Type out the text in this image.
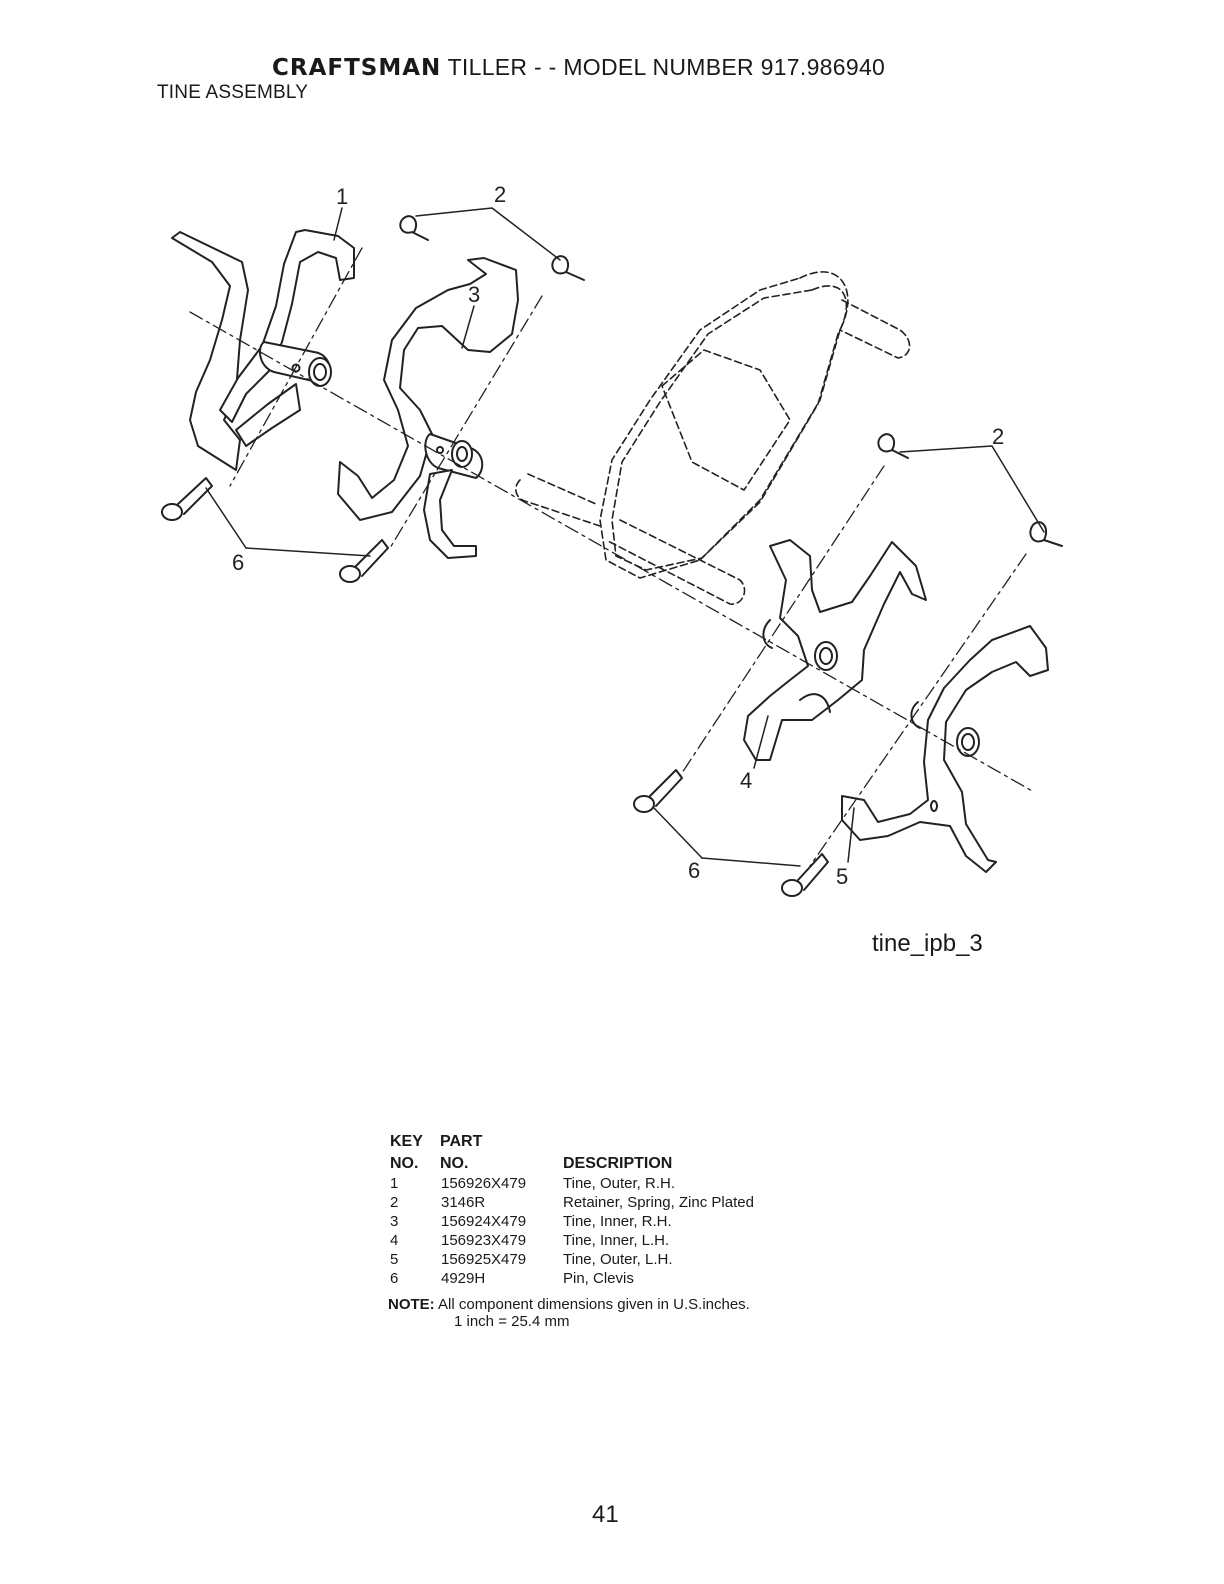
CRAFTSMAN TILLER - - MODEL NUMBER 917.986940
TINE ASSEMBLY
1	2
3
2
6
6
4
5
tine_ipb_3
KEY PART
NO. NO.	DESCRIPTION
1	156926X479 Tine, Outer, R.H.
2	3146R	Retainer, Spring, Zinc Plated
3	156924X479 Tine, Inner, R.H.
4	156923X479 Tine, Inner, L.H.
5	156925X479 Tine, Outer, L.H.
6	4929H	Pin, Clevis
NOTE: All component dimensions given in U.S.inches.
1 inch = 25.4 mm
41
